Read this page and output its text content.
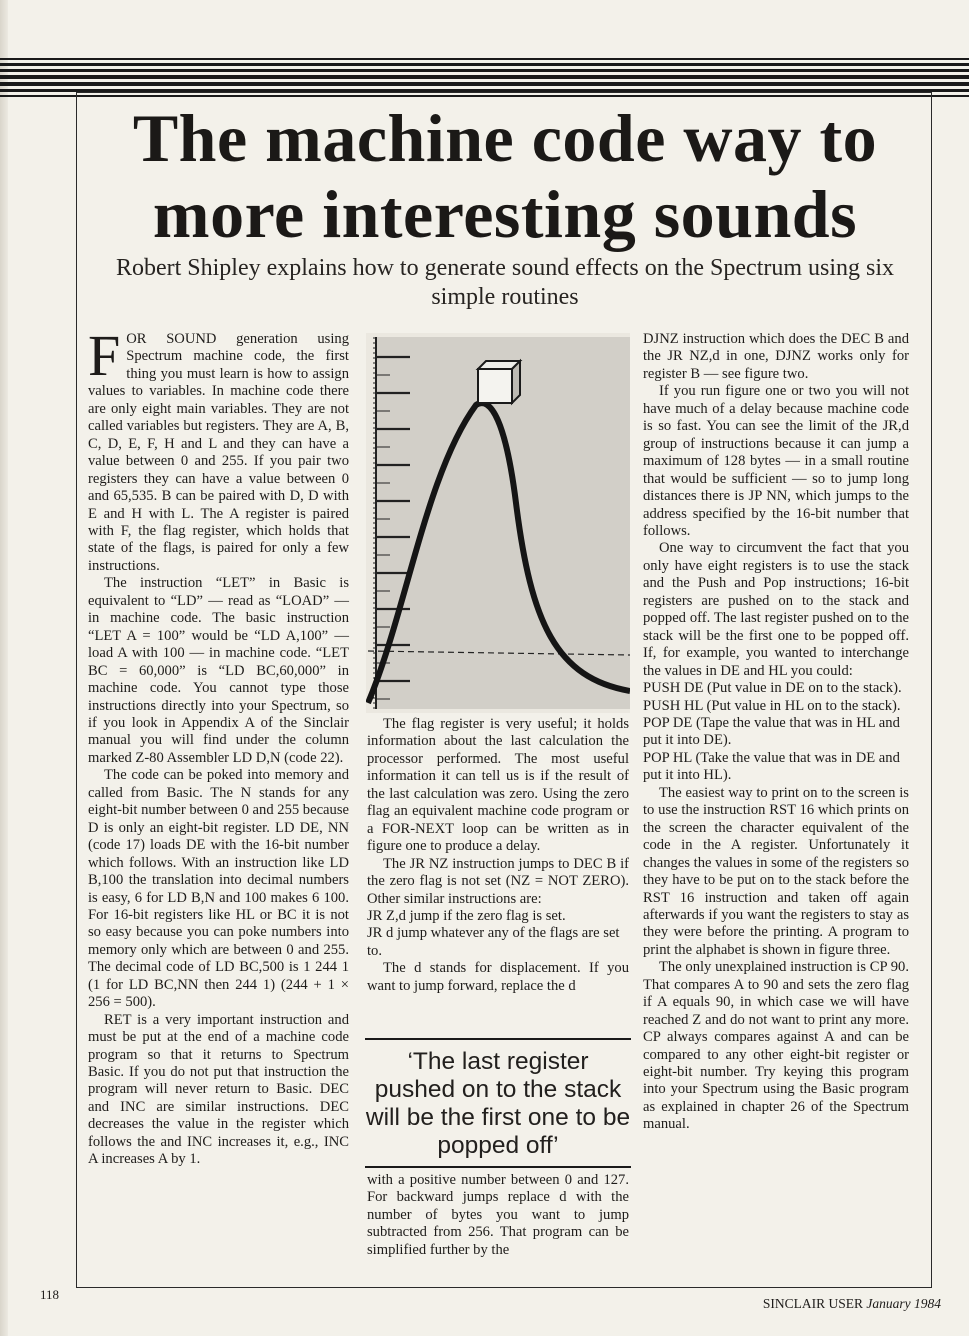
The machine code way to more interesting sounds

Robert Shipley explains how to generate sound effects on the Spectrum using six simple routines

FOR SOUND generation using Spectrum machine code, the first thing you must learn is how to assign values to variables. In machine code there are only eight main variables. They are not called variables but registers. They are A, B, C, D, E, F, H and L and they can have a value between 0 and 255. If you pair two registers they can have a value between 0 and 65,535. B can be paired with D, D with E and H with L. The A register is paired with F, the flag register, which holds that state of the flags, is paired for only a few instructions.

The instruction “LET” in Basic is equivalent to “LD” — read as “LOAD” — in machine code. The basic instruction “LET A = 100” would be “LD A,100” — load A with 100 — in machine code. “LET BC = 60,000” is “LD BC,60,000” in machine code. You cannot type those instructions directly into your Spectrum, so if you look in Appendix A of the Sinclair manual you will find under the column marked Z-80 Assembler LD D,N (code 22).

The code can be poked into memory and called from Basic. The N stands for any eight-bit number between 0 and 255 because D is only an eight-bit register. LD DE, NN (code 17) loads DE with the 16-bit number which follows. With an instruction like LD B,100 the translation into decimal numbers is easy, 6 for LD B,N and 100 makes 6 100. For 16-bit registers like HL or BC it is not so easy because you can poke numbers into memory only which are between 0 and 255. The decimal code of LD BC,500 is 1 244 1 (1 for LD BC,NN then 244 1) (244 + 1 × 256 = 500).

RET is a very important instruction and must be put at the end of a machine code program so that it returns to Spectrum Basic. If you do not put that instruction the program will never return to Basic. DEC and INC are similar instructions. DEC decreases the value in the register which follows the and INC increases it, e.g., INC A increases A by 1.

The flag register is very useful; it holds information about the last calculation the processor performed. The most useful information it can tell us is if the result of the last calculation was zero. Using the zero flag an equivalent machine code program or a FOR-NEXT loop can be written as in figure one to produce a delay.

The JR NZ instruction jumps to DEC B if the zero flag is not set (NZ = NOT ZERO). Other similar instructions are:

JR Z,d jump if the zero flag is set.

JR d jump whatever any of the flags are set to.

The d stands for displacement. If you want to jump forward, replace the d

‘The last register pushed on to the stack will be the first one to be popped off’

with a positive number between 0 and 127. For backward jumps replace d with the number of bytes you want to jump subtracted from 256. That program can be simplified further by the

DJNZ instruction which does the DEC B and the JR NZ,d in one, DJNZ works only for register B — see figure two.

If you run figure one or two you will not have much of a delay because machine code is so fast. You can see the limit of the JR,d group of instructions because it can jump a maximum of 128 bytes — in a small routine that would be sufficient — so to jump long distances there is JP NN, which jumps to the address specified by the 16-bit number that follows.

One way to circumvent the fact that you only have eight registers is to use the stack and the Push and Pop instructions; 16-bit registers are pushed on to the stack and popped off. The last register pushed on to the stack will be the first one to be popped off. If, for example, you wanted to interchange the values in DE and HL you could:

PUSH DE (Put value in DE on to the stack).

PUSH HL (Put value in HL on to the stack).

POP DE (Tape the value that was in HL and put it into DE).

POP HL (Take the value that was in DE and put it into HL).

The easiest way to print on to the screen is to use the instruction RST 16 which prints on the screen the character equivalent of the code in the A register. Unfortunately it changes the values in some of the registers so they have to be put on to the stack before the RST 16 instruction and taken off again afterwards if you want the registers to stay as they were before the printing. A program to print the alphabet is shown in figure three.

The only unexplained instruction is CP 90. That compares A to 90 and sets the zero flag if A equals 90, in which case we will have reached Z and do not want to print any more. CP always compares against A and can be compared to any other eight-bit register or eight-bit number. Try keying this program into your Spectrum using the Basic program as explained in chapter 26 of the Spectrum manual.

118
SINCLAIR USER January 1984
